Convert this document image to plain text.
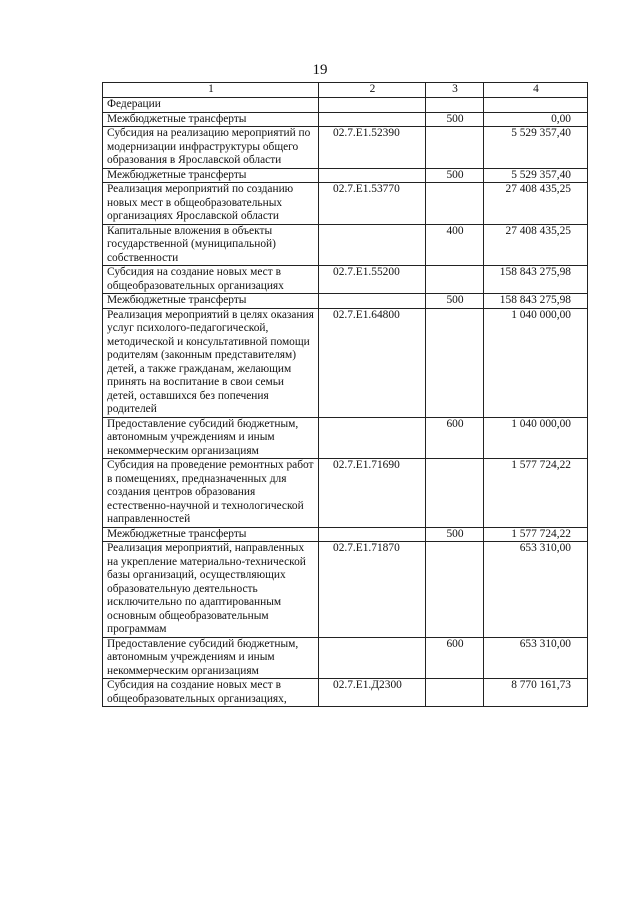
19
1	2	3	4
Федерации			
Межбюджетные трансферты		500	0,00
Субсидия на реализацию мероприятий по модернизации инфраструктуры общего образования в Ярославской области	02.7.E1.52390		5 529 357,40
Межбюджетные трансферты		500	5 529 357,40
Реализация мероприятий по созданию новых мест в общеобразовательных организациях Ярославской области	02.7.E1.53770		27 408 435,25
Капитальные вложения в объекты государственной (муниципальной) собственности		400	27 408 435,25
Субсидия на создание новых мест в общеобразовательных организациях	02.7.E1.55200		158 843 275,98
Межбюджетные трансферты		500	158 843 275,98
Реализация мероприятий в целях оказания услуг психолого-педагогической, методической и консультативной помощи родителям (законным представителям) детей, а также гражданам, желающим принять на воспитание в свои семьи детей, оставшихся без попечения родителей	02.7.E1.64800		1 040 000,00
Предоставление субсидий бюджетным, автономным учреждениям и иным некоммерческим организациям		600	1 040 000,00
Субсидия на проведение ремонтных работ в помещениях, предназначенных для создания центров образования естественно-научной и технологической направленностей	02.7.E1.71690		1 577 724,22
Межбюджетные трансферты		500	1 577 724,22
Реализация мероприятий, направленных на укрепление материально-технической базы организаций, осуществляющих образовательную деятельность исключительно по адаптированным основным общеобразовательным программам	02.7.E1.71870		653 310,00
Предоставление субсидий бюджетным, автономным учреждениям и иным некоммерческим организациям		600	653 310,00
Субсидия на создание новых мест в общеобразовательных организациях,	02.7.E1.Д2300		8 770 161,73
